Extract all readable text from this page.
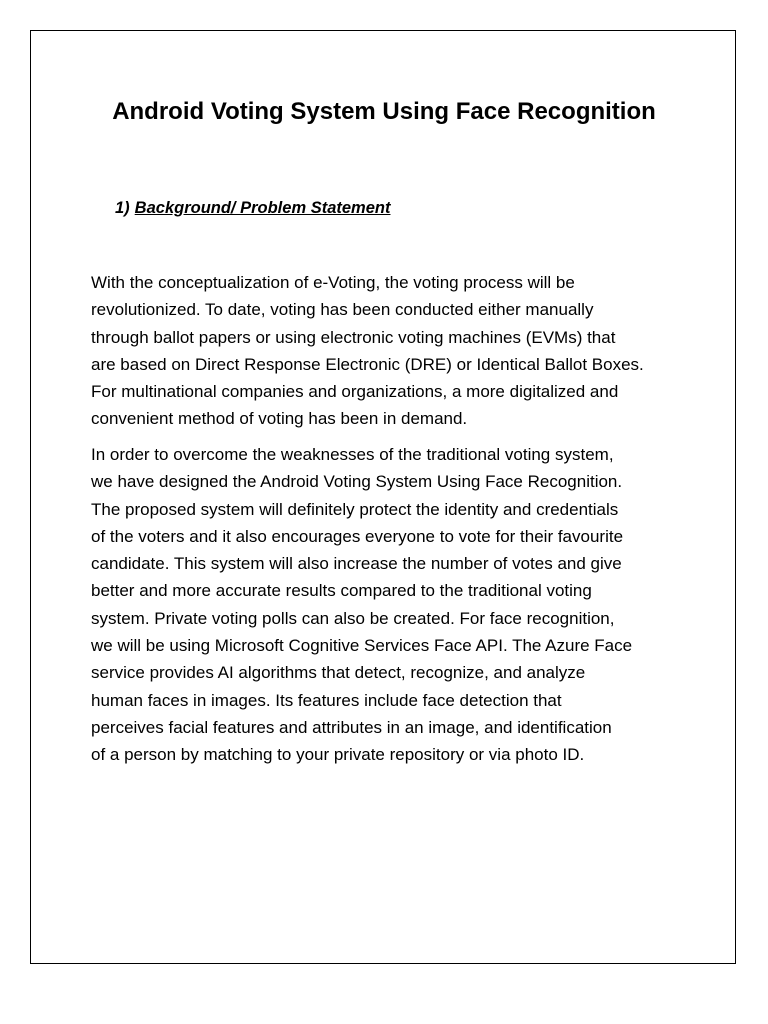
Android Voting System Using Face Recognition
1) Background/ Problem Statement

With the conceptualization of e-Voting, the voting process will be
revolutionized. To date, voting has been conducted either manually
through ballot papers or using electronic voting machines (EVMs) that
are based on Direct Response Electronic (DRE) or Identical Ballot Boxes.
For multinational companies and organizations, a more digitalized and
convenient method of voting has been in demand.

In order to overcome the weaknesses of the traditional voting system,
we have designed the Android Voting System Using Face Recognition.
The proposed system will definitely protect the identity and credentials
of the voters and it also encourages everyone to vote for their favourite
candidate. This system will also increase the number of votes and give
better and more accurate results compared to the traditional voting
system. Private voting polls can also be created. For face recognition,
we will be using Microsoft Cognitive Services Face API. The Azure Face
service provides AI algorithms that detect, recognize, and analyze
human faces in images. Its features include face detection that
perceives facial features and attributes in an image, and identification
of a person by matching to your private repository or via photo ID.
